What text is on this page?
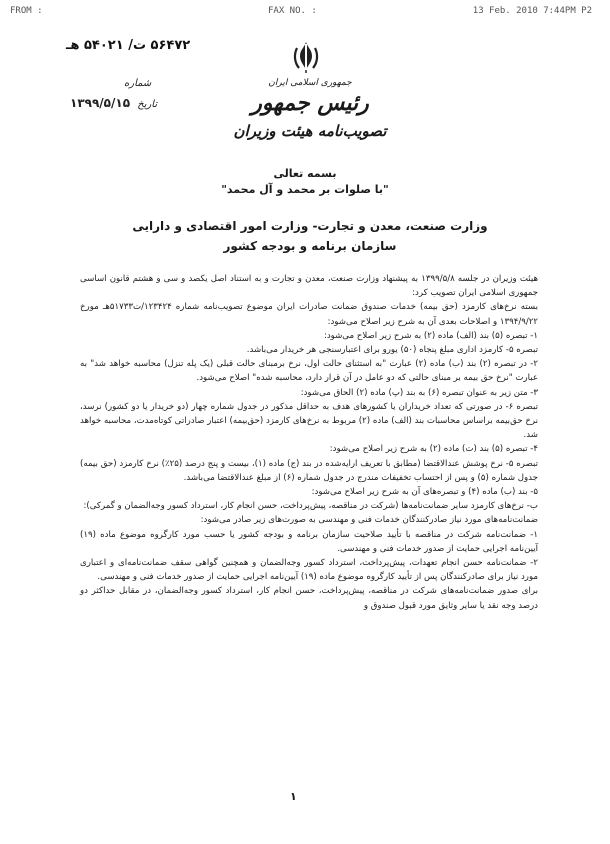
FROM :	FAX NO. :	13 Feb. 2010 7:44PM P2
۵۶۴۷۲ ت/ ۵۴۰۲۱ هـ
شماره
تاریخ ۱۳۹۹/۵/۱۵

جمهوری اسلامی ایران

رئیس جمهور

تصویب‌نامه هیئت وزیران

بسمه تعالی
"با صلوات بر محمد و آل محمد"
وزارت صنعت، معدن و تجارت- وزارت امور اقتصادی و دارایی
سازمان برنامه و بودجه کشور

هیئت وزیران در جلسه ۱۳۹۹/۵/۸ به پیشنهاد وزارت صنعت، معدن و تجارت و به استناد اصل یکصد و سی و هشتم قانون اساسی جمهوری اسلامی ایران تصویب کرد:

بسته نرخ‌های کارمزد (حق بیمه) خدمات صندوق ضمانت صادرات ایران موضوع تصویب‌نامه شماره ۱۲۳۴۲۴/ت۵۱۷۳۳هـ مورخ ۱۳۹۴/۹/۲۲ و اصلاحات بعدی آن به شرح زیر اصلاح می‌شود:

۱- تبصره (۵) بند (الف) ماده (۲) به شرح زیر اصلاح می‌شود:

تبصره ۵- کارمزد اداری مبلغ پنجاه (۵۰) یورو برای اعتبارسنجی هر خریدار می‌باشد.

۲- در تبصره (۲) بند (ب) ماده (۲) عبارت "به استثنای حالت اول، نرخ برمبنای حالت قبلی (یک پله تنزل) محاسبه خواهد شد" به عبارت "نرخ حق بیمه بر مبنای حالتی که دو عامل در آن قرار دارد، محاسبه شده" اصلاح می‌شود.

۳- متن زیر به عنوان تبصره (۶) به بند (پ) ماده (۲) الحاق می‌شود:

تبصره ۶- در صورتی که تعداد خریداران یا کشورهای هدف به حداقل مذکور در جدول شماره چهار (دو خریدار یا دو کشور) نرسد، نرخ حق‌بیمه براساس محاسبات بند (الف) ماده (۲) مربوط به نرخ‌های کارمزد (حق‌بیمه) اعتبار صادراتی کوتاه‌مدت، محاسبه خواهد شد.

۴- تبصره (۵) بند (ت) ماده (۲) به شرح زیر اصلاح می‌شود:

تبصره ۵- نرخ پوشش عندالاقتضا (مطابق با تعریف ارایه‌شده در بند (ج) ماده (۱)، بیست و پنج درصد (۲۵٪) نرخ کارمزد (حق بیمه) جدول شماره (۵) و پس از احتساب تخفیفات مندرج در جدول شماره (۶) از مبلغ عندالاقتضا می‌باشد.

۵- بند (ب) ماده (۴) و تبصره‌های آن به شرح زیر اصلاح می‌شود:

ب- نرخ‌های کارمزد سایر ضمانت‌نامه‌ها (شرکت در مناقصه، پیش‌پرداخت، حسن انجام کار، استرداد کسور وجه‌الضمان و گمرکی):

ضمانت‌نامه‌های مورد نیاز صادرکنندگان خدمات فنی و مهندسی به صورت‌های زیر صادر می‌شود:

۱- ضمانت‌نامه شرکت در مناقصه با تأیید صلاحیت سازمان برنامه و بودجه کشور یا حسب مورد کارگروه موضوع ماده (۱۹) آیین‌نامه اجرایی حمایت از صدور خدمات فنی و مهندسی.

۲- ضمانت‌نامه حسن انجام تعهدات، پیش‌پرداخت، استرداد کسور وجه‌الضمان و همچنین گواهی سقف ضمانت‌نامه‌ای و اعتباری مورد نیاز برای صادرکنندگان پس از تأیید کارگروه موضوع ماده (۱۹) آیین‌نامه اجرایی حمایت از صدور خدمات فنی و مهندسی.

برای صدور ضمانت‌نامه‌های شرکت در مناقصه، پیش‌پرداخت، حسن انجام کار، استرداد کسور وجه‌الضمان، در مقابل حداکثر دو درصد وجه نقد یا سایر وثایق مورد قبول صندوق و

۱
